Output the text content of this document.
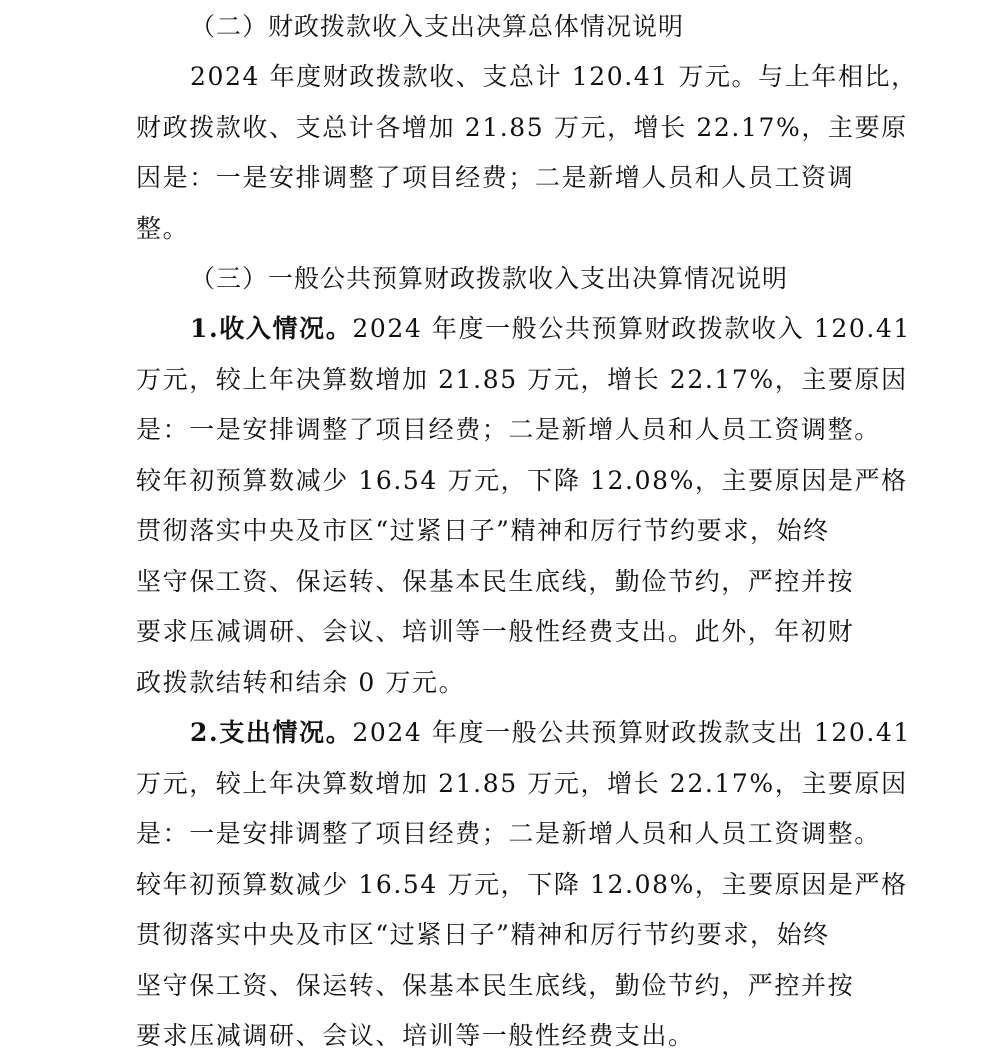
（二）财政拨款收入支出决算总体情况说明
2024 年度财政拨款收、支总计 120.41 万元。与上年相比，
财政拨款收、支总计各增加 21.85 万元，增长 22.17%，主要原
因是：一是安排调整了项目经费；二是新增人员和人员工资调
整。
（三）一般公共预算财政拨款收入支出决算情况说明
1.收入情况。2024 年度一般公共预算财政拨款收入 120.41
万元，较上年决算数增加 21.85 万元，增长 22.17%，主要原因
是：一是安排调整了项目经费；二是新增人员和人员工资调整。
较年初预算数减少 16.54 万元，下降 12.08%，主要原因是严格
贯彻落实中央及市区“过紧日子”精神和厉行节约要求，始终
坚守保工资、保运转、保基本民生底线，勤俭节约，严控并按
要求压减调研、会议、培训等一般性经费支出。此外，年初财
政拨款结转和结余 0 万元。
2.支出情况。2024 年度一般公共预算财政拨款支出 120.41
万元，较上年决算数增加 21.85 万元，增长 22.17%，主要原因
是：一是安排调整了项目经费；二是新增人员和人员工资调整。
较年初预算数减少 16.54 万元，下降 12.08%，主要原因是严格
贯彻落实中央及市区“过紧日子”精神和厉行节约要求，始终
坚守保工资、保运转、保基本民生底线，勤俭节约，严控并按
要求压减调研、会议、培训等一般性经费支出。
